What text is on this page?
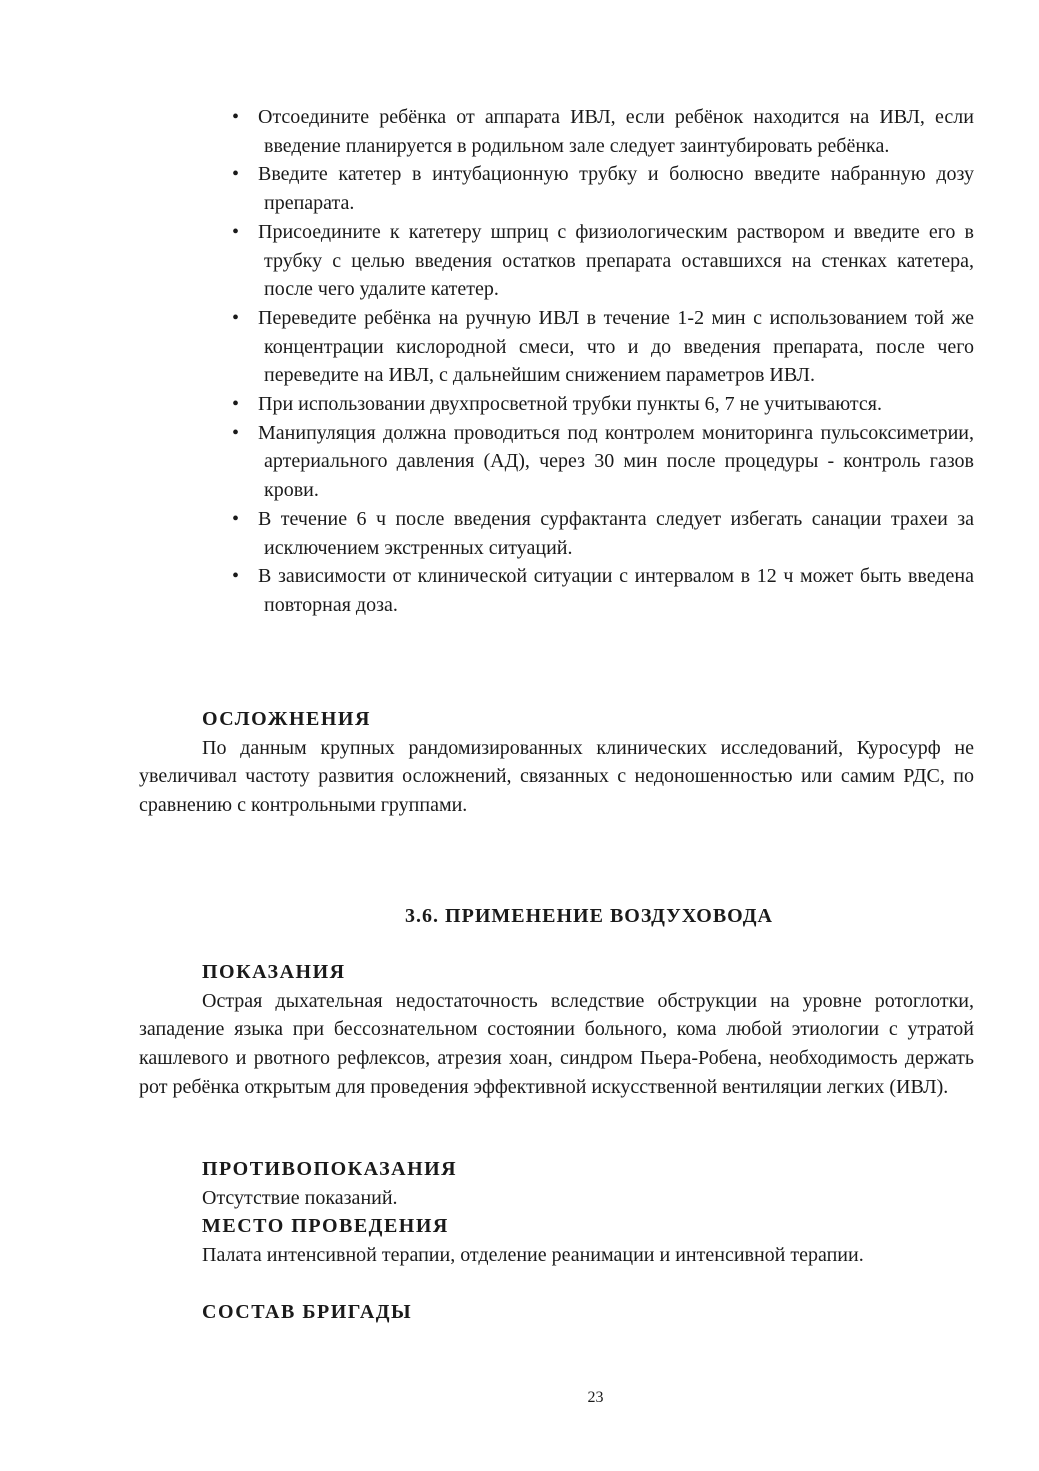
• Отсоедините ребёнка от аппарата ИВЛ, если ребёнок находится на ИВЛ, если введение планируется в родильном зале следует заинтубировать ребёнка.
• Введите катетер в интубационную трубку и болюсно введите набранную дозу препарата.
• Присоедините к катетеру шприц с физиологическим раствором и введите его в трубку с целью введения остатков препарата оставшихся на стенках катетера, после чего удалите катетер.
• Переведите ребёнка на ручную ИВЛ в течение 1-2 мин с использованием той же концентрации кислородной смеси, что и до введения препарата, после чего переведите на ИВЛ, с дальнейшим снижением параметров ИВЛ.
• При использовании двухпросветной трубки пункты 6, 7 не учитываются.
• Манипуляция должна проводиться под контролем мониторинга пульсоксиметрии, артериального давления (АД), через 30 мин после процедуры - контроль газов крови.
• В течение 6 ч после введения сурфактанта следует избегать санации трахеи за исключением экстренных ситуаций.
• В зависимости от клинической ситуации с интервалом в 12 ч может быть введена повторная доза.
ОСЛОЖНЕНИЯ

По данным крупных рандомизированных клинических исследований, Куросурф не увеличивал частоту развития осложнений, связанных с недоношенностью или самим РДС, по сравнению с контрольными группами.

3.6. ПРИМЕНЕНИЕ ВОЗДУХОВОДА
ПОКАЗАНИЯ

Острая дыхательная недостаточность вследствие обструкции на уровне ротоглотки, западение языка при бессознательном состоянии больного, кома любой этиологии с утратой кашлевого и рвотного рефлексов, атрезия хоан, синдром Пьера-Робена, необходимость держать рот ребёнка открытым для проведения эффективной искусственной вентиляции легких (ИВЛ).

ПРОТИВОПОКАЗАНИЯ

Отсутствие показаний.

МЕСТО ПРОВЕДЕНИЯ

Палата интенсивной терапии, отделение реанимации и интенсивной терапии.

СОСТАВ БРИГАДЫ
23
